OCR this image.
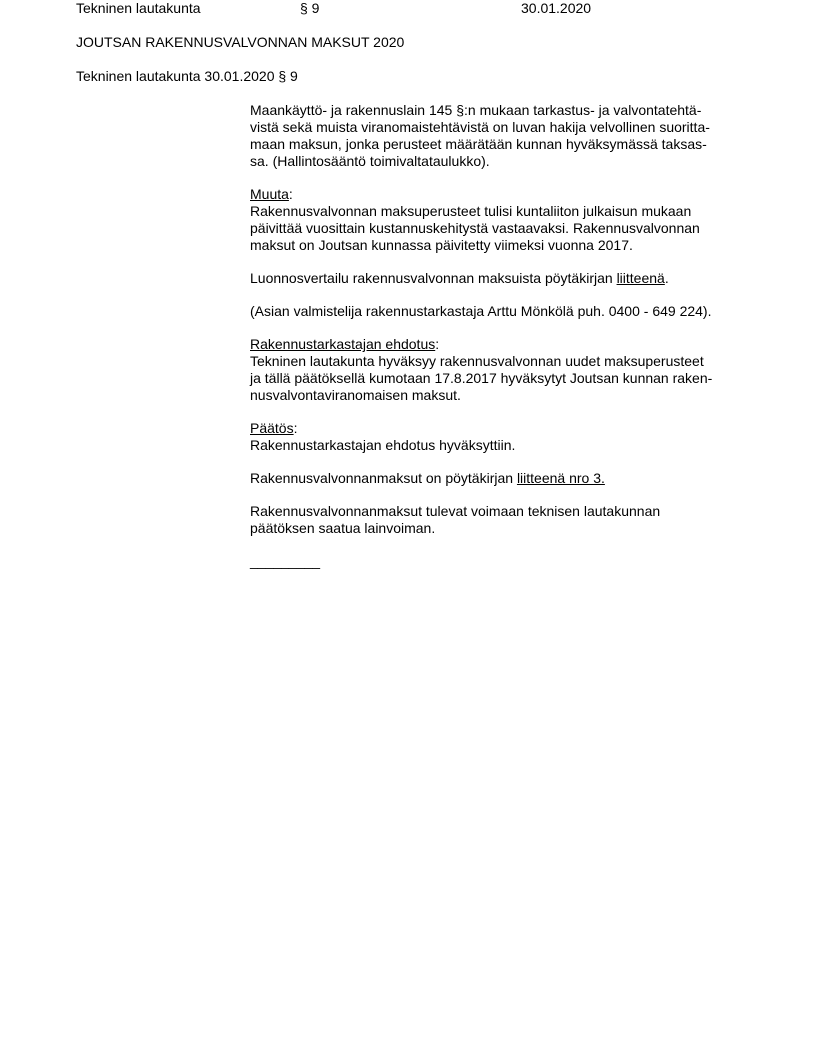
Tekninen lautakunta	§ 9	30.01.2020
JOUTSAN RAKENNUSVALVONNAN MAKSUT 2020
Tekninen lautakunta 30.01.2020 § 9
Maankäyttö- ja rakennuslain 145 §:n mukaan tarkastus- ja valvontatehtä-
vistä sekä muista viranomaistehtävistä on luvan hakija velvollinen suoritta-
maan maksun, jonka perusteet määrätään kunnan hyväksymässä taksas-
sa. (Hallintosääntö toimivaltataulukko).
Muuta:
Rakennusvalvonnan maksuperusteet tulisi kuntaliiton julkaisun mukaan
päivittää vuosittain kustannuskehitystä vastaavaksi. Rakennusvalvonnan
maksut on Joutsan kunnassa päivitetty viimeksi vuonna 2017.
Luonnosvertailu rakennusvalvonnan maksuista pöytäkirjan liitteenä.
(Asian valmistelija rakennustarkastaja Arttu Mönkölä puh. 0400 - 649 224).
Rakennustarkastajan ehdotus:
Tekninen lautakunta hyväksyy rakennusvalvonnan uudet maksuperusteet
ja tällä päätöksellä kumotaan 17.8.2017 hyväksytyt Joutsan kunnan raken-
nusvalvontaviranomaisen maksut.
Päätös:
Rakennustarkastajan ehdotus hyväksyttiin.
Rakennusvalvonnanmaksut on pöytäkirjan liitteenä nro 3.
Rakennusvalvonnanmaksut tulevat voimaan teknisen lautakunnan
päätöksen saatua lainvoiman.
_________
